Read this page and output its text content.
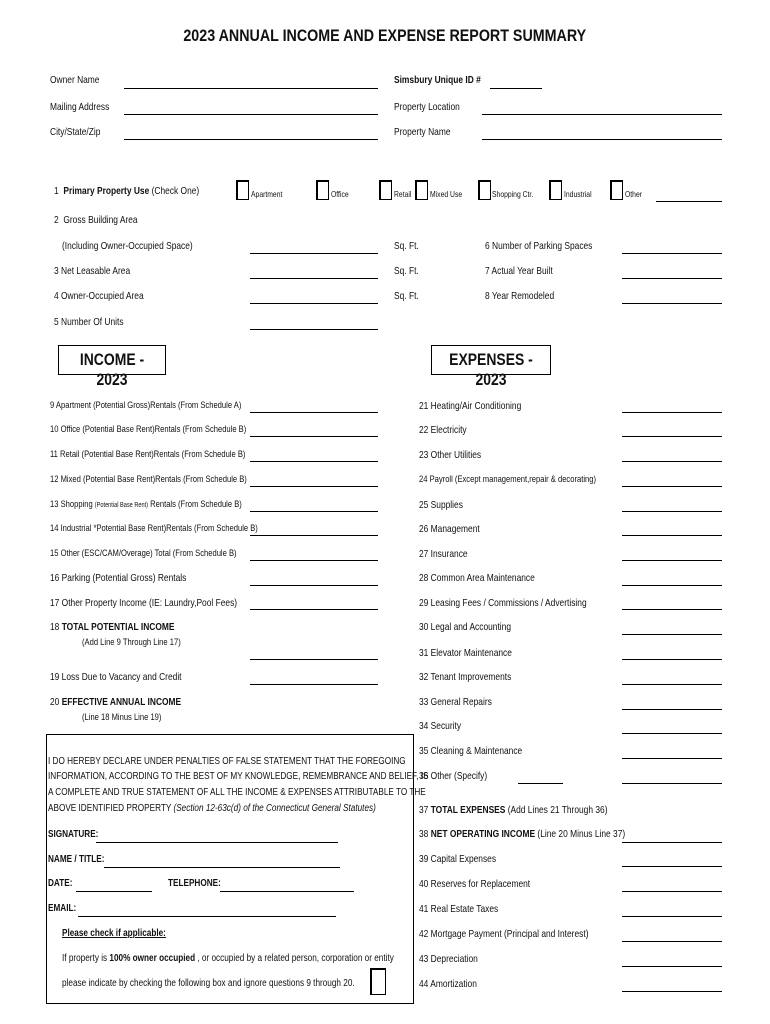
2023 ANNUAL INCOME AND EXPENSE REPORT SUMMARY
Owner Name
Mailing Address
City/State/Zip
Simsbury Unique ID #
Property Location
Property Name
1 Primary Property Use (Check One)	Apartment	Office	Retail Mixed Use	Shopping Ctr.	Industrial	Other
2 Gross Building Area
(Including Owner-Occupied Space)	Sq. Ft.	6 Number of Parking Spaces
3 Net Leasable Area	Sq. Ft.	7 Actual Year Built
4 Owner-Occupied Area	Sq. Ft.	8 Year Remodeled
5 Number Of Units
INCOME - 2023
EXPENSES - 2023
9 Apartment (Potential Gross)Rentals (From Schedule A)
10 Office (Potential Base Rent)Rentals (From Schedule B)
11 Retail (Potential Base Rent)Rentals (From Schedule B)
12 Mixed (Potential Base Rent)Rentals (From Schedule B)
13 Shopping (Potential Base Rent) Rentals (From Schedule B)
14 Industrial *Potential Base Rent)Rentals (From Schedule B)
15 Other (ESC/CAM/Overage) Total (From Schedule B)
16 Parking (Potential Gross) Rentals
17 Other Property Income (IE: Laundry,Pool Fees)
18 TOTAL POTENTIAL INCOME
(Add Line 9 Through Line 17)
19 Loss Due to Vacancy and Credit
20 EFFECTIVE ANNUAL INCOME
(Line 18 Minus Line 19)
21 Heating/Air Conditioning
22 Electricity
23 Other Utilities
24 Payroll (Except management,repair & decorating)
25 Supplies
26 Management
27 Insurance
28 Common Area Maintenance
29 Leasing Fees / Commissions / Advertising
30 Legal and Accounting
31 Elevator Maintenance
32 Tenant Improvements
33 General Repairs
34 Security
35 Cleaning & Maintenance
36 Other (Specify)
37 TOTAL EXPENSES (Add Lines 21 Through 36)
38 NET OPERATING INCOME (Line 20 Minus Line 37)
39 Capital Expenses
40 Reserves for Replacement
41 Real Estate Taxes
42 Mortgage Payment (Principal and Interest)
43 Depreciation
44 Amortization
I DO HEREBY DECLARE UNDER PENALTIES OF FALSE STATEMENT THAT THE FOREGOING
INFORMATION, ACCORDING TO THE BEST OF MY KNOWLEDGE, REMEMBRANCE AND BELIEF, IS
A COMPLETE AND TRUE STATEMENT OF ALL THE INCOME & EXPENSES ATTRIBUTABLE TO THE
ABOVE IDENTIFIED PROPERTY (Section 12-63c(d) of the Connecticut General Statutes)
SIGNATURE:
NAME / TITLE:
DATE:	TELEPHONE:
EMAIL:
Please check if applicable:
If property is 100% owner occupied , or occupied by a related person, corporation or entity
please indicate by checking the following box and ignore questions 9 through 20.
